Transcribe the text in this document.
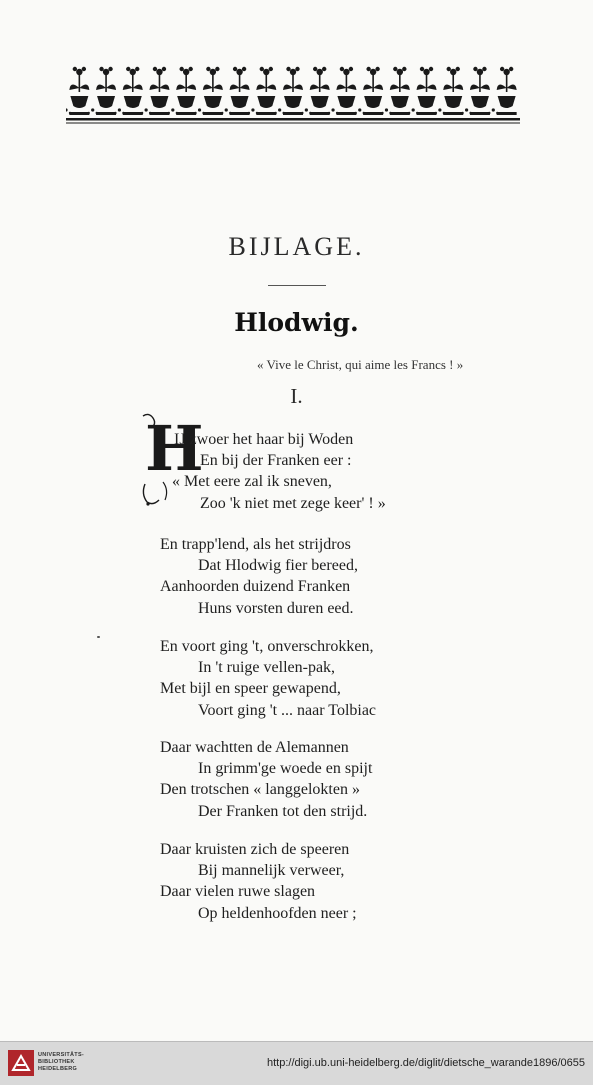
BIJLAGE.
Hlodwig.
« Vive le Christ, qui aime les Francs ! »
I.
H
IJ zwoer het haar bij Woden
En bij der Franken eer :
« Met eere zal ik sneven,
Zoo 'k niet met zege keer' ! »
En trapp'lend, als het strijdros
Dat Hlodwig fier bereed,
Aanhoorden duizend Franken
Huns vorsten duren eed.
En voort ging 't, onverschrokken,
In 't ruige vellen-pak,
Met bijl en speer gewapend,
Voort ging 't ... naar Tolbiac
Daar wachtten de Alemannen
In grimm'ge woede en spijt
Den trotschen « langgelokten »
Der Franken tot den strijd.
Daar kruisten zich de speeren
Bij mannelijk verweer,
Daar vielen ruwe slagen
Op heldenhoofden neer ;
UNIVERSITÄTS-
BIBLIOTHEK
HEIDELBERG	http://digi.ub.uni-heidelberg.de/diglit/dietsche_warande1896/0655
